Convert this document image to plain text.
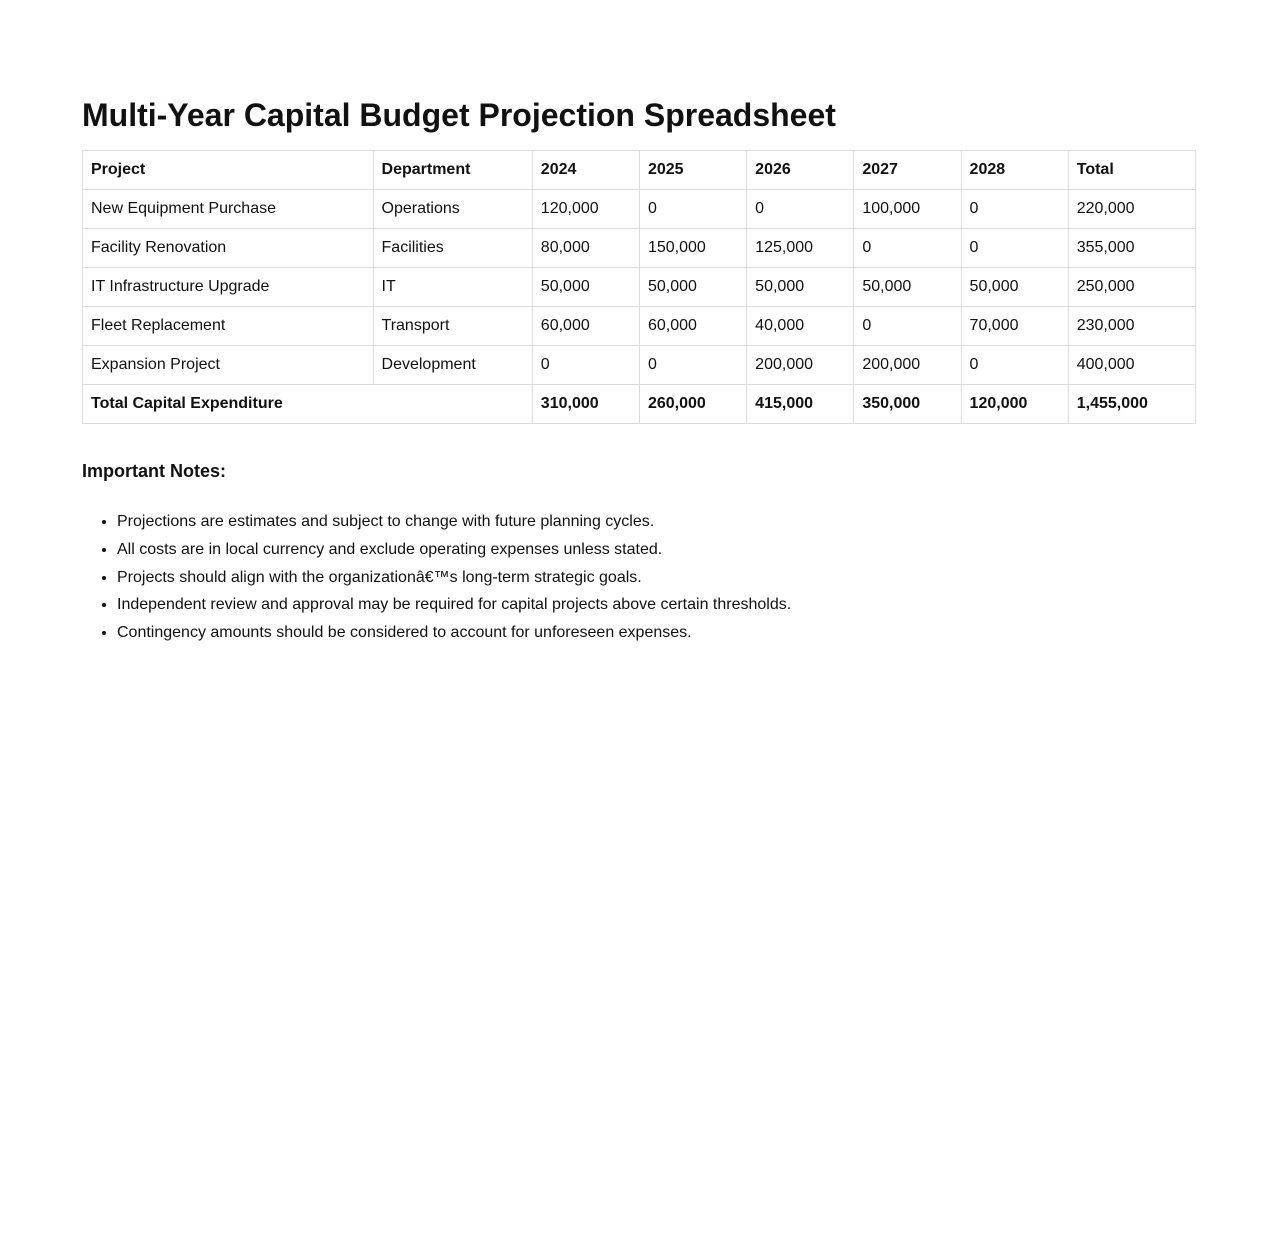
Multi-Year Capital Budget Projection Spreadsheet
Project	Department	2024	2025	2026	2027	2028	Total
New Equipment Purchase	Operations	120,000	0	0	100,000	0	220,000
Facility Renovation	Facilities	80,000	150,000	125,000	0	0	355,000
IT Infrastructure Upgrade	IT	50,000	50,000	50,000	50,000	50,000	250,000
Fleet Replacement	Transport	60,000	60,000	40,000	0	70,000	230,000
Expansion Project	Development	0	0	200,000	200,000	0	400,000
Total Capital Expenditure		310,000	260,000	415,000	350,000	120,000	1,455,000
Important Notes:
• Projections are estimates and subject to change with future planning cycles.
• All costs are in local currency and exclude operating expenses unless stated.
• Projects should align with the organizationâ€™s long-term strategic goals.
• Independent review and approval may be required for capital projects above certain thresholds.
• Contingency amounts should be considered to account for unforeseen expenses.
